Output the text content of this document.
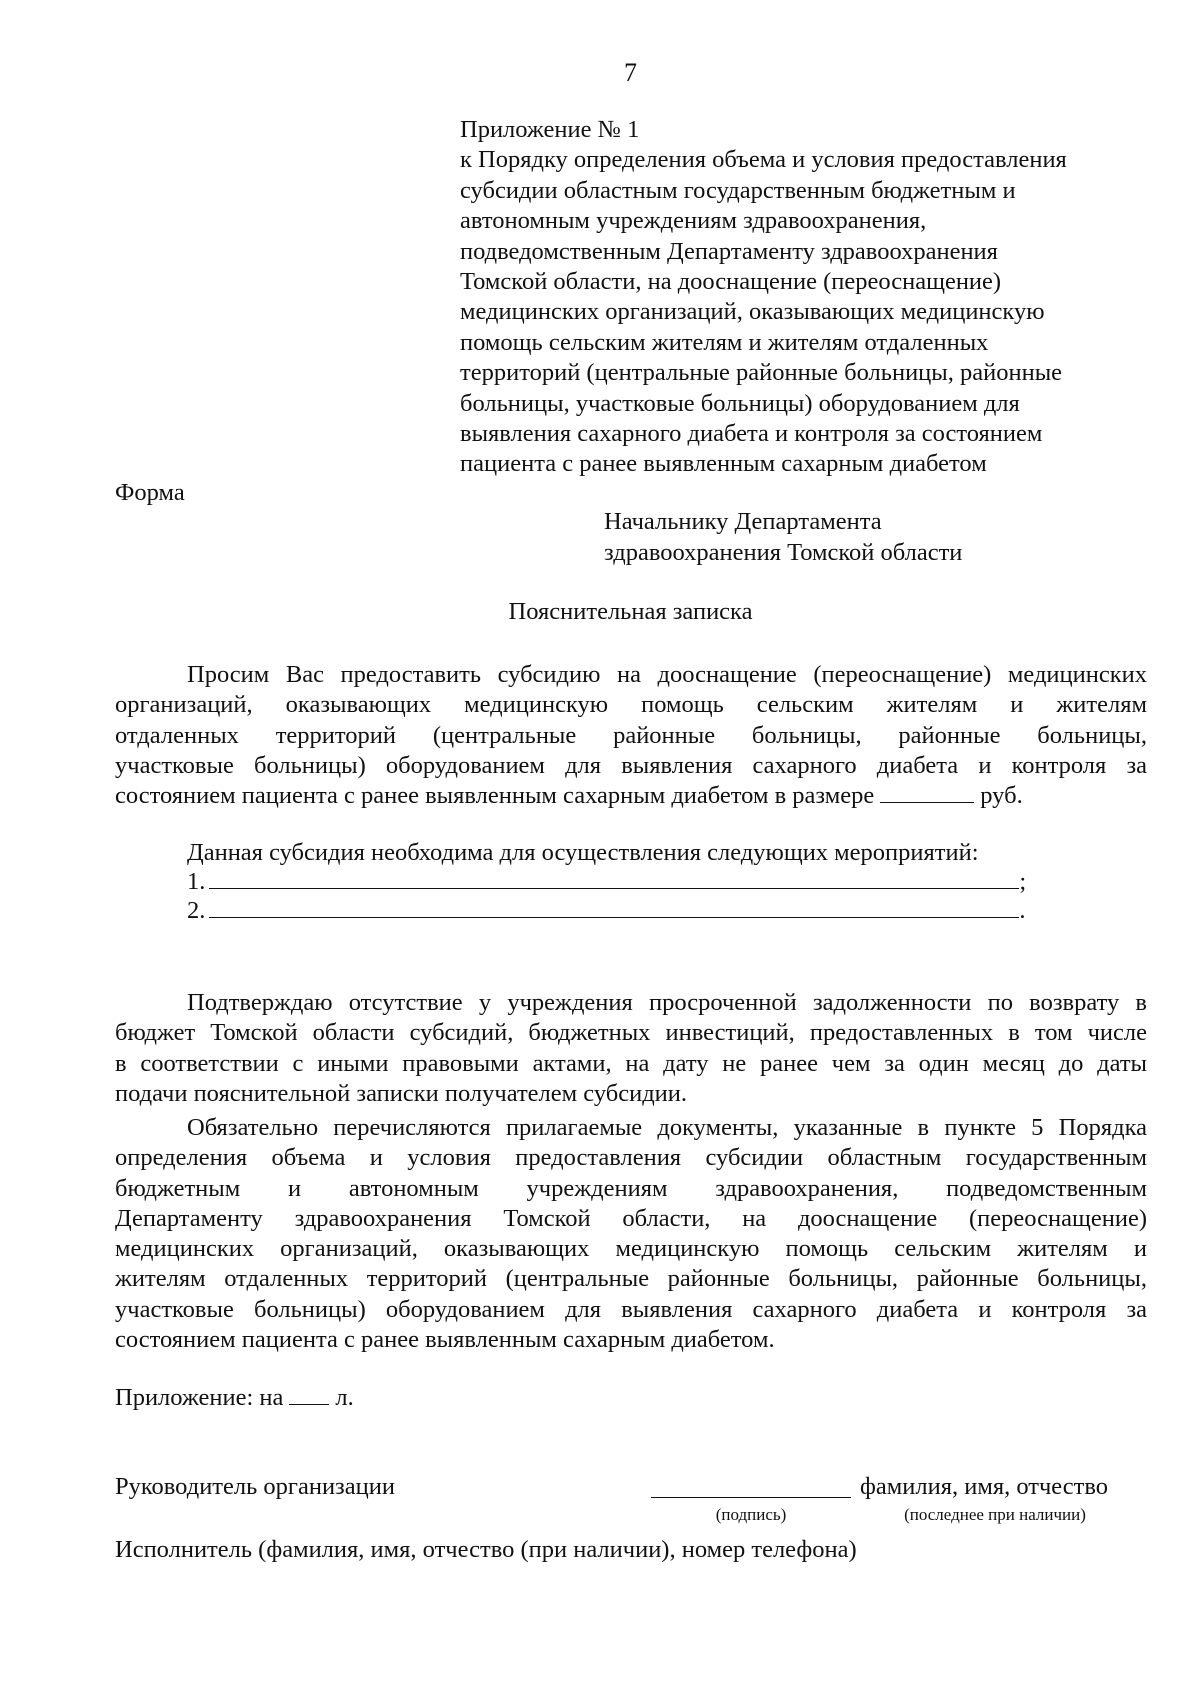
7
Приложение № 1
к Порядку определения объема и условия предоставления
субсидии областным государственным бюджетным и
автономным учреждениям здравоохранения,
подведомственным Департаменту здравоохранения
Томской области, на дооснащение (переоснащение)
медицинских организаций, оказывающих медицинскую
помощь сельским жителям и жителям отдаленных
территорий (центральные районные больницы, районные
больницы, участковые больницы) оборудованием для
выявления сахарного диабета и контроля за состоянием
пациента с ранее выявленным сахарным диабетом
Форма
Начальнику Департамента
здравоохранения Томской области
Пояснительная записка
Просим Вас предоставить субсидию на дооснащение (переоснащение) медицинских
организаций, оказывающих медицинскую помощь сельским жителям и жителям
отдаленных территорий (центральные районные больницы, районные больницы,
участковые больницы) оборудованием для выявления сахарного диабета и контроля за
состоянием пациента с ранее выявленным сахарным диабетом в размере	руб.
Данная субсидия необходима для осуществления следующих мероприятий:
1.	;
2.	.
Подтверждаю отсутствие у учреждения просроченной задолженности по возврату в
бюджет Томской области субсидий, бюджетных инвестиций, предоставленных в том числе
в соответствии с иными правовыми актами, на дату не ранее чем за один месяц до даты
подачи пояснительной записки получателем субсидии.
Обязательно перечисляются прилагаемые документы, указанные в пункте 5 Порядка
определения объема и условия предоставления субсидии областным государственным
бюджетным и автономным учреждениям здравоохранения, подведомственным
Департаменту здравоохранения Томской области, на дооснащение (переоснащение)
медицинских организаций, оказывающих медицинскую помощь сельским жителям и
жителям отдаленных территорий (центральные районные больницы, районные больницы,
участковые больницы) оборудованием для выявления сахарного диабета и контроля за
состоянием пациента с ранее выявленным сахарным диабетом.
Приложение: на л.
Руководитель организации	фамилия, имя, отчество
(подпись)	(последнее при наличии)
Исполнитель (фамилия, имя, отчество (при наличии), номер телефона)
